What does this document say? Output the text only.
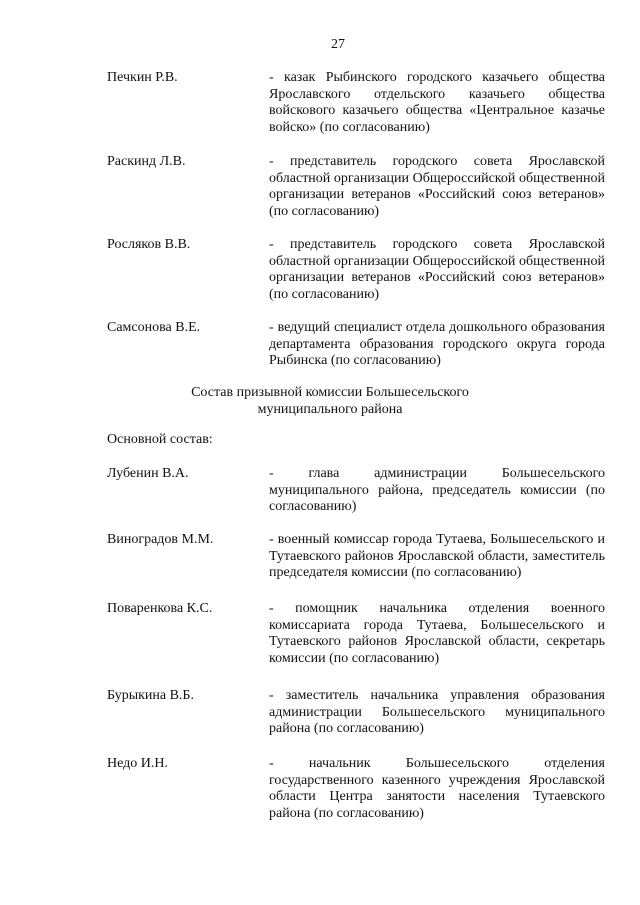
27
Печкин Р.В.	- казак Рыбинского городского казачьего общества Ярославского отдельского казачьего общества войскового казачьего общества «Центральное казачье войско» (по согласованию)
Раскинд Л.В.	- представитель городского совета Ярославской областной организации Общероссийской общественной организации ветеранов «Российский союз ветеранов» (по согласованию)
Росляков В.В.	- представитель городского совета Ярославской областной организации Общероссийской общественной организации ветеранов «Российский союз ветеранов» (по согласованию)
Самсонова В.Е.	- ведущий специалист отдела дошкольного образования департамента образования городского округа города Рыбинска (по согласованию)
Состав призывной комиссии Большесельского
муниципального района
Основной состав:
Лубенин В.А.	- глава администрации Большесельского муниципального района, председатель комиссии (по согласованию)
Виноградов М.М.	- военный комиссар города Тутаева, Большесельского и Тутаевского районов Ярославской области, заместитель председателя комиссии (по согласованию)
Поваренкова К.С.	- помощник начальника отделения военного комиссариата города Тутаева, Большесельского и Тутаевского районов Ярославской области, секретарь комиссии (по согласованию)
Бурыкина В.Б.	- заместитель начальника управления образования администрации Большесельского муниципального района (по согласованию)
Недо И.Н.	- начальник Большесельского отделения государственного казенного учреждения Ярославской области Центра занятости населения Тутаевского района (по согласованию)
